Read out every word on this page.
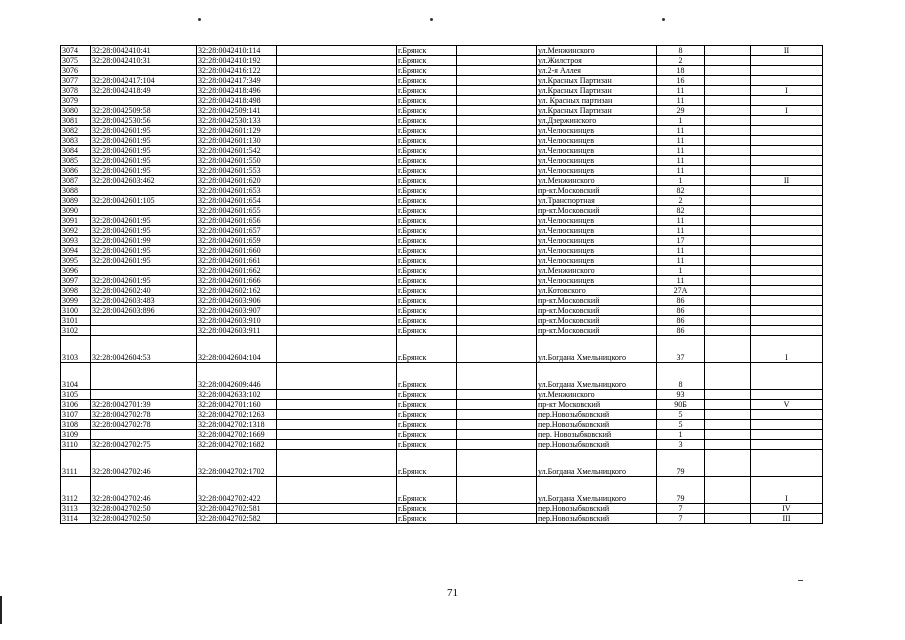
3074	32:28:0042410:41	32:28:0042410:114		г.Брянск		ул.Менжинского	8		II
3075	32:28:0042410:31	32:28:0042410:192		г.Брянск		ул.Жилстроя	2		
3076		32:28:0042416:122		г.Брянск		ул.2-я Аллея	18		
3077	32:28:0042417:104	32:28:0042417:349		г.Брянск		ул.Красных Партизан	16		
3078	32:28:0042418:49	32:28:0042418:496		г.Брянск		ул.Красных Партизан	11		I
3079		32:28:0042418:498		г.Брянск		ул. Красных партизан	11		
3080	32:28:0042509:58	32:28:0042509:141		г.Брянск		ул.Красных Партизан	29		I
3081	32:28:0042530:56	32:28:0042530:133		г.Брянск		ул.Дзержинского	1		
3082	32:28:0042601:95	32:28:0042601:129		г.Брянск		ул.Челюскинцев	11		
3083	32:28:0042601:95	32:28:0042601:130		г.Брянск		ул.Челюскинцев	11		
3084	32:28:0042601:95	32:28:0042601:542		г.Брянск		ул.Челюскинцев	11		
3085	32:28:0042601:95	32:28:0042601:550		г.Брянск		ул.Челюскинцев	11		
3086	32:28:0042601:95	32:28:0042601:553		г.Брянск		ул.Челюскинцев	11		
3087	32:28:0042603:462	32:28:0042601:620		г.Брянск		ул.Менжинского	1		II
3088		32:28:0042601:653		г.Брянск		пр-кт.Московский	82		
3089	32:28:0042601:105	32:28:0042601:654		г.Брянск		ул.Транспортная	2		
3090		32:28:0042601:655		г.Брянск		пр-кт.Московский	82		
3091	32:28:0042601:95	32:28:0042601:656		г.Брянск		ул.Челюскинцев	11		
3092	32:28:0042601:95	32:28:0042601:657		г.Брянск		ул.Челюскинцев	11		
3093	32:28:0042601:99	32:28:0042601:659		г.Брянск		ул.Челюскинцев	17		
3094	32:28:0042601:95	32:28:0042601:660		г.Брянск		ул.Челюскинцев	11		
3095	32:28:0042601:95	32:28:0042601:661		г.Брянск		ул.Челюскинцев	11		
3096		32:28:0042601:662		г.Брянск		ул.Менжинского	1		
3097	32:28:0042601:95	32:28:0042601:666		г.Брянск		ул.Челюскинцев	11		
3098	32:28:0042602:40	32:28:0042602:162		г.Брянск		ул.Котовского	27А		
3099	32:28:0042603:483	32:28:0042603:906		г.Брянск		пр-кт.Московский	86		
3100	32:28:0042603:896	32:28:0042603:907		г.Брянск		пр-кт.Московский	86		
3101		32:28:0042603:910		г.Брянск		пр-кт.Московский	86		
3102		32:28:0042603:911		г.Брянск		пр-кт.Московский	86		
3103	32:28:0042604:53	32:28:0042604:104		г.Брянск		ул.Богдана Хмельницкого	37		I
3104		32:28:0042609:446		г.Брянск		ул.Богдана Хмельницкого	8		
3105		32:28:0042633:102		г.Брянск		ул.Менжинского	93		
3106	32:28:0042701:39	32:28:0042701:160		г.Брянск		пр-кт Московский	90Б		V
3107	32:28:0042702:78	32:28:0042702:1263		г.Брянск		пер.Новозыбковский	5		
3108	32:28:0042702:78	32:28:0042702:1318		г.Брянск		пер.Новозыбковский	5		
3109		32:28:0042702:1669		г.Брянск		пер. Новозыбковский	1		
3110	32:28:0042702:75	32:28:0042702:1682		г.Брянск		пер.Новозыбковский	3		
3111	32:28:0042702:46	32:28:0042702:1702		г.Брянск		ул.Богдана Хмельницкого	79		
3112	32:28:0042702:46	32:28:0042702:422		г.Брянск		ул.Богдана Хмельницкого	79		I
3113	32:28:0042702:50	32:28:0042702:581		г.Брянск		пер.Новозыбковский	7		IV
3114	32:28:0042702:50	32:28:0042702:582		г.Брянск		пер.Новозыбковский	7		III
71
